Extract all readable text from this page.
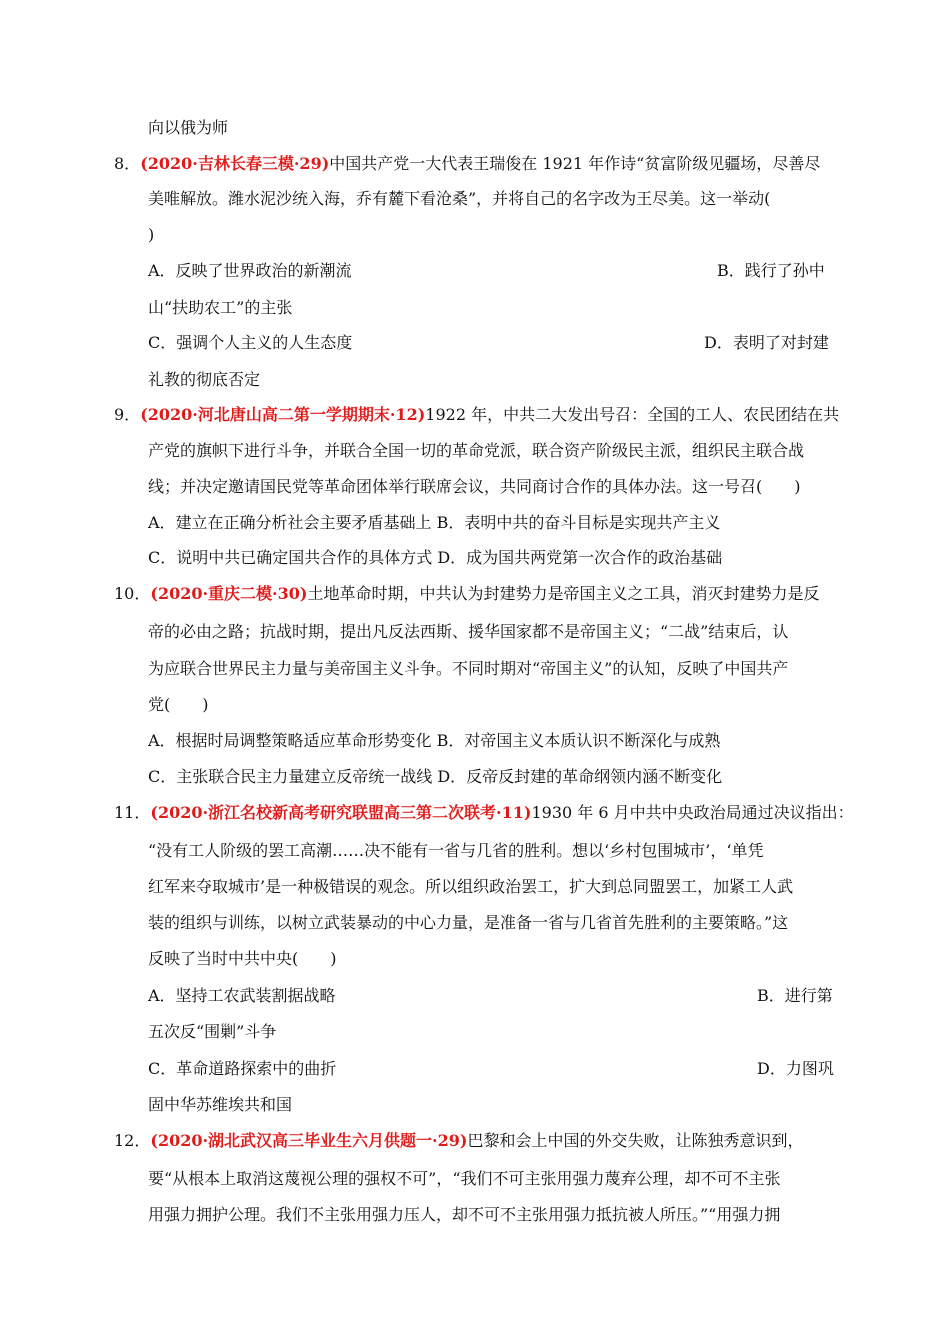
向以俄为师
8．(2020·吉林长春三模·29)中国共产党一大代表王瑞俊在 1921 年作诗“贫富阶级见疆场，尽善尽
美唯解放。潍水泥沙统入海，乔有麓下看沧桑”，并将自己的名字改为王尽美。这一举动(
)
A．反映了世界政治的新潮流	B．践行了孙中
山“扶助农工”的主张
C．强调个人主义的人生态度	D．表明了对封建
礼教的彻底否定
9．(2020·河北唐山高二第一学期期末·12)1922 年，中共二大发出号召：全国的工人、农民团结在共
产党的旗帜下进行斗争，并联合全国一切的革命党派，联合资产阶级民主派，组织民主联合战
线；并决定邀请国民党等革命团体举行联席会议，共同商讨合作的具体办法。这一号召(　　)
A．建立在正确分析社会主要矛盾基础上 B．表明中共的奋斗目标是实现共产主义
C．说明中共已确定国共合作的具体方式 D．成为国共两党第一次合作的政治基础
10．(2020·重庆二模·30)土地革命时期，中共认为封建势力是帝国主义之工具，消灭封建势力是反
帝的必由之路；抗战时期，提出凡反法西斯、援华国家都不是帝国主义；“二战”结束后，认
为应联合世界民主力量与美帝国主义斗争。不同时期对“帝国主义”的认知，反映了中国共产
党(　　)
A．根据时局调整策略适应革命形势变化 B．对帝国主义本质认识不断深化与成熟
C．主张联合民主力量建立反帝统一战线 D．反帝反封建的革命纲领内涵不断变化
11．(2020·浙江名校新高考研究联盟高三第二次联考·11)1930 年 6 月中共中央政治局通过决议指出：
“没有工人阶级的罢工高潮……决不能有一省与几省的胜利。想以‘乡村包围城市’，‘单凭
红军来夺取城市’是一种极错误的观念。所以组织政治罢工，扩大到总同盟罢工，加紧工人武
装的组织与训练，以树立武装暴动的中心力量，是准备一省与几省首先胜利的主要策略。”这
反映了当时中共中央(　　)
A．坚持工农武装割据战略	B．进行第
五次反“围剿”斗争
C．革命道路探索中的曲折	D．力图巩
固中华苏维埃共和国
12．(2020·湖北武汉高三毕业生六月供题一·29)巴黎和会上中国的外交失败，让陈独秀意识到，
要“从根本上取消这蔑视公理的强权不可”，“我们不可主张用强力蔑弃公理，却不可不主张
用强力拥护公理。我们不主张用强力压人，却不可不主张用强力抵抗被人所压。”“用强力拥
